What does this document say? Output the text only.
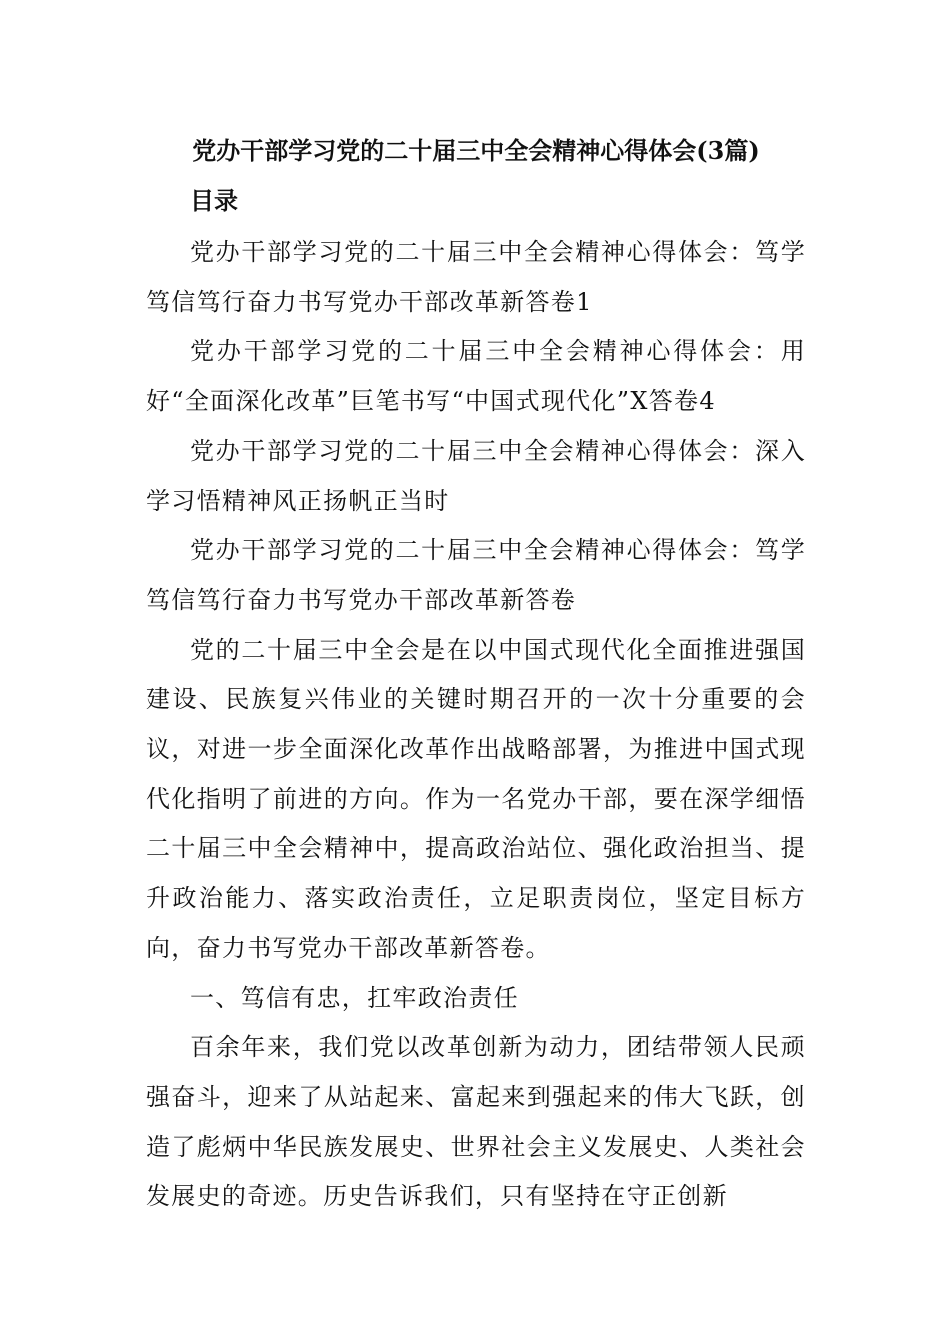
党办干部学习党的二十届三中全会精神心得体会(3篇)
目录

党办干部学习党的二十届三中全会精神心得体会：笃学笃信笃行奋力书写党办干部改革新答卷1

党办干部学习党的二十届三中全会精神心得体会：用好“全面深化改革”巨笔书写“中国式现代化”X答卷4

党办干部学习党的二十届三中全会精神心得体会：深入学习悟精神风正扬帆正当时

党办干部学习党的二十届三中全会精神心得体会：笃学笃信笃行奋力书写党办干部改革新答卷

党的二十届三中全会是在以中国式现代化全面推进强国建设、民族复兴伟业的关键时期召开的一次十分重要的会议，对进一步全面深化改革作出战略部署，为推进中国式现代化指明了前进的方向。作为一名党办干部，要在深学细悟二十届三中全会精神中，提高政治站位、强化政治担当、提升政治能力、落实政治责任，立足职责岗位，坚定目标方向，奋力书写党办干部改革新答卷。

一、笃信有忠，扛牢政治责任

百余年来，我们党以改革创新为动力，团结带领人民顽强奋斗，迎来了从站起来、富起来到强起来的伟大飞跃，创造了彪炳中华民族发展史、世界社会主义发展史、人类社会发展史的奇迹。历史告诉我们，只有坚持在守正创新
